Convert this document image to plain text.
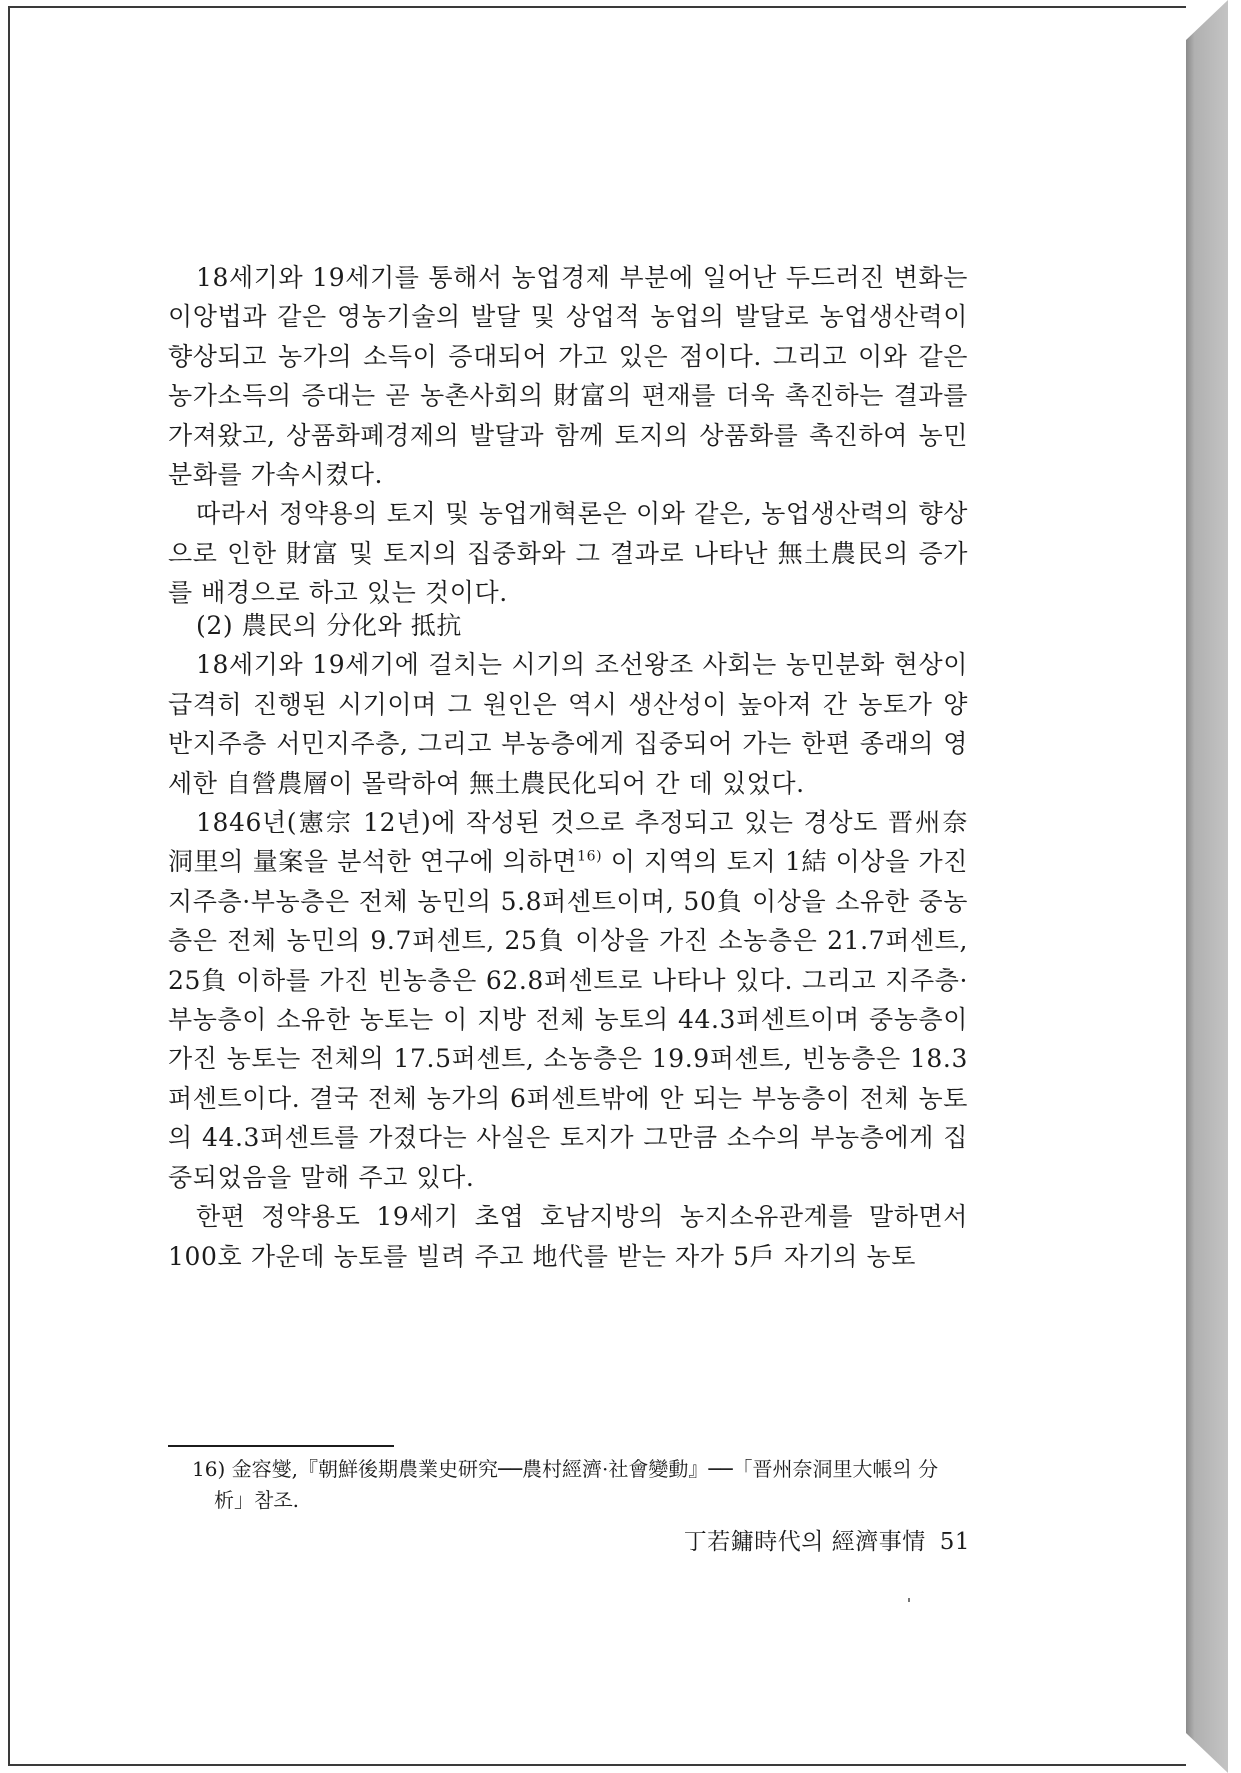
18세기와 19세기를 통해서 농업경제 부분에 일어난 두드러진 변화는 이앙법과 같은 영농기술의 발달 및 상업적 농업의 발달로 농업생산력이 향상되고 농가의 소득이 증대되어 가고 있은 점이다. 그리고 이와 같은 농가소득의 증대는 곧 농촌사회의 財富의 편재를 더욱 촉진하는 결과를 가져왔고, 상품화폐경제의 발달과 함께 토지의 상품화를 촉진하여 농민분화를 가속시켰다.

따라서 정약용의 토지 및 농업개혁론은 이와 같은, 농업생산력의 향상으로 인한 財富 및 토지의 집중화와 그 결과로 나타난 無土農民의 증가를 배경으로 하고 있는 것이다.

(2) 農民의 分化와 抵抗

18세기와 19세기에 걸치는 시기의 조선왕조 사회는 농민분화 현상이 급격히 진행된 시기이며 그 원인은 역시 생산성이 높아져 간 농토가 양반지주층 서민지주층, 그리고 부농층에게 집중되어 가는 한편 종래의 영세한 自營農層이 몰락하여 無土農民化되어 간 데 있었다.

1846년(憲宗 12년)에 작성된 것으로 추정되고 있는 경상도 晋州奈洞里의 量案을 분석한 연구에 의하면$^{16)}$ 이 지역의 토지 1結 이상을 가진 지주층·부농층은 전체 농민의 5.8퍼센트이며, 50負 이상을 소유한 중농층은 전체 농민의 9.7퍼센트, 25負 이상을 가진 소농층은 21.7퍼센트, 25負 이하를 가진 빈농층은 62.8퍼센트로 나타나 있다. 그리고 지주층·부농층이 소유한 농토는 이 지방 전체 농토의 44.3퍼센트이며 중농층이 가진 농토는 전체의 17.5퍼센트, 소농층은 19.9퍼센트, 빈농층은 18.3퍼센트이다. 결국 전체 농가의 6퍼센트밖에 안 되는 부농층이 전체 농토의 44.3퍼센트를 가졌다는 사실은 토지가 그만큼 소수의 부농층에게 집중되었음을 말해 주고 있다.

한편 정약용도 19세기 초엽 호남지방의 농지소유관계를 말하면서 100호 가운데 농토를 빌려 주고 地代를 받는 자가 5戶 자기의 농토

16) 金容燮,『朝鮮後期農業史研究──農村經濟·社會變動』──「晋州奈洞里大帳의 分析」참조.
丁若鏞時代의 經濟事情 51
